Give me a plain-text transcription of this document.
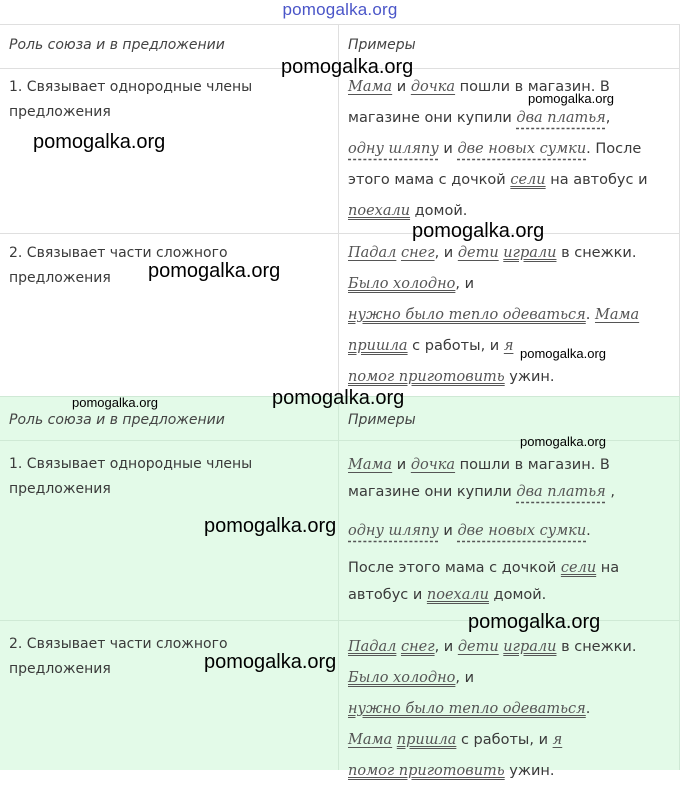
pomogalka.org
Роль союза и в предложении	Примеры
1. Связывает однородные члены предложения
Мама и дочка пошли в магазин. В магазине они купили два платья,
одну шляпу и две новых сумки. После этого мама с дочкой сели на автобус и поехали домой.
2. Связывает части сложного предложения
Падал снег, и дети играли в снежки.
Было холодно, и
нужно было тепло одеваться. Мама
пришла с работы, и я
помог приготовить ужин.
Роль союза и в предложении	Примеры
1. Связывает однородные члены предложения
Мама и дочка пошли в магазин. В магазине они купили два платья ,
одну шляпу и две новых сумки.
После этого мама с дочкой сели на автобус и поехали домой.
2. Связывает части сложного предложения
Падал снег, и дети играли в снежки.
Было холодно, и
нужно было тепло одеваться.
Мама пришла с работы, и я
помог приготовить ужин.
pomogalka.org
pomogalka.org
pomogalka.org
pomogalka.org
pomogalka.org
pomogalka.org
pomogalka.org
pomogalka.org
pomogalka.org
pomogalka.org
pomogalka.org
pomogalka.org
